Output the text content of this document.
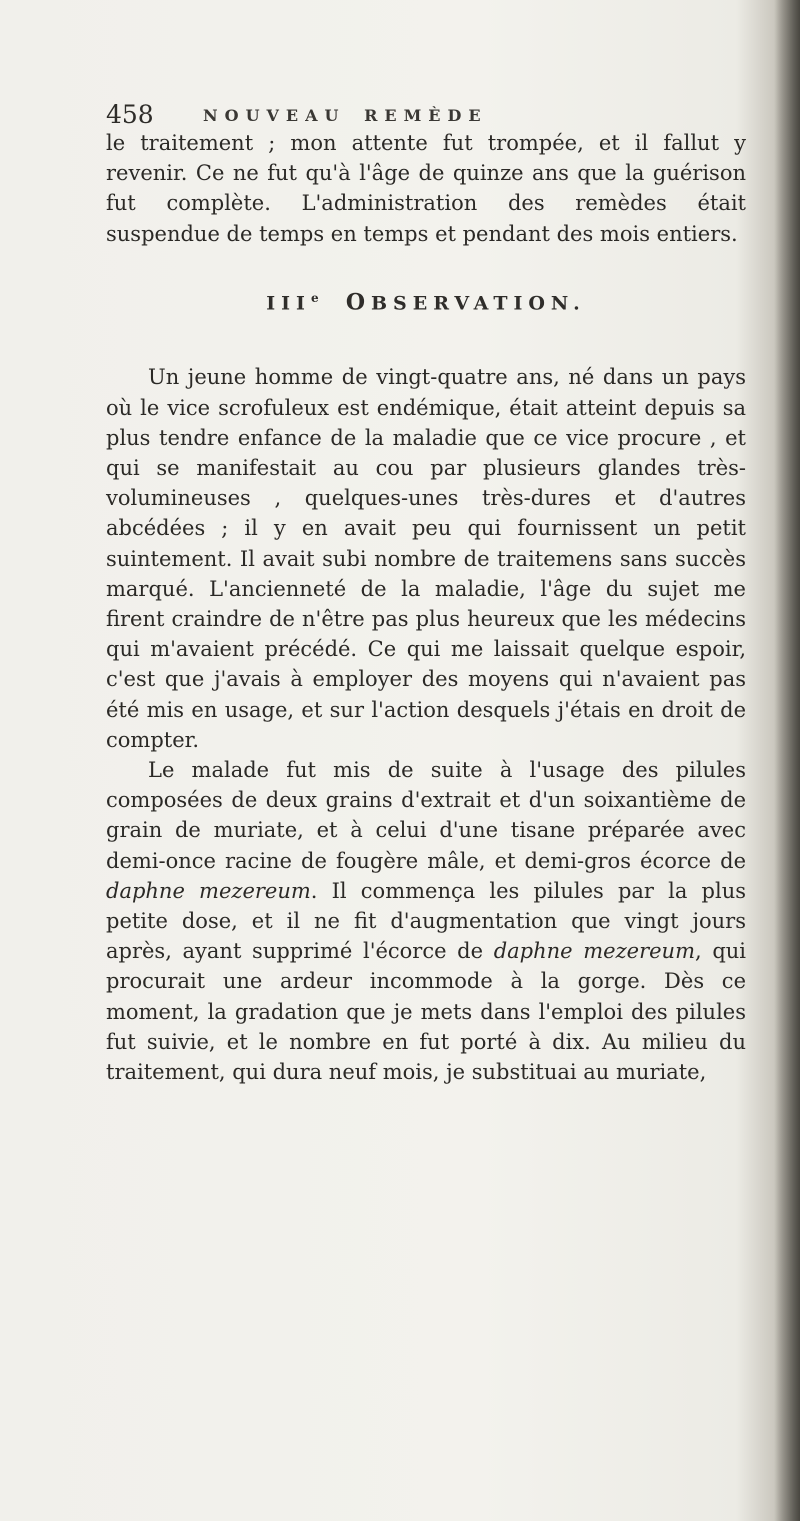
458	NOUVEAU REMÈDE

le traitement ; mon attente fut trompée, et il fallut y revenir. Ce ne fut qu'à l'âge de quinze ans que la guérison fut complète. L'administration des remèdes était suspendue de temps en temps et pendant des mois entiers.

IIIe OBSERVATION.

Un jeune homme de vingt-quatre ans, né dans un pays où le vice scrofuleux est endémique, était atteint depuis sa plus tendre enfance de la maladie que ce vice procure , et qui se manifestait au cou par plusieurs glandes très-volumineuses , quelques-unes très-dures et d'autres abcédées ; il y en avait peu qui fournissent un petit suintement. Il avait subi nombre de traitemens sans succès marqué. L'ancienneté de la maladie, l'âge du sujet me firent craindre de n'être pas plus heureux que les médecins qui m'avaient précédé. Ce qui me laissait quelque espoir, c'est que j'avais à employer des moyens qui n'avaient pas été mis en usage, et sur l'action desquels j'étais en droit de compter.

Le malade fut mis de suite à l'usage des pilules composées de deux grains d'extrait et d'un soixantième de grain de muriate, et à celui d'une tisane préparée avec demi-once racine de fougère mâle, et demi-gros écorce de daphne mezereum. Il commença les pilules par la plus petite dose, et il ne fit d'augmentation que vingt jours après, ayant supprimé l'écorce de daphne mezereum, qui procurait une ardeur incommode à la gorge. Dès ce moment, la gradation que je mets dans l'emploi des pilules fut suivie, et le nombre en fut porté à dix. Au milieu du traitement, qui dura neuf mois, je substituai au muriate,
